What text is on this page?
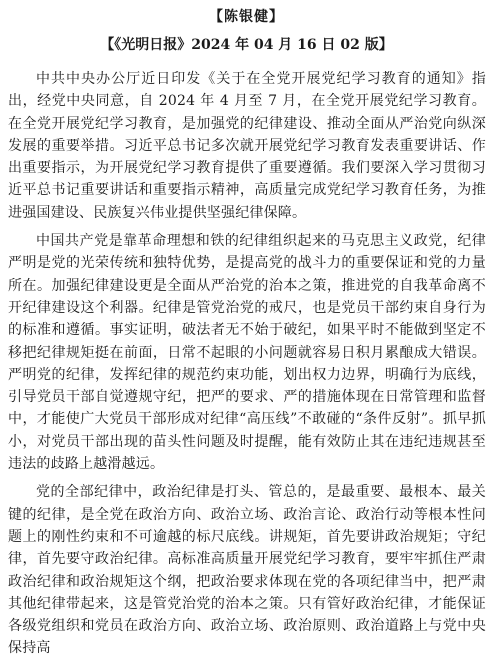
【陈银健】
【《光明日报》2024 年 04 月 16 日 02 版】

中共中央办公厅近日印发《关于在全党开展党纪学习教育的通知》指出，经党中央同意，自 2024 年 4 月至 7 月，在全党开展党纪学习教育。在全党开展党纪学习教育，是加强党的纪律建设、推动全面从严治党向纵深发展的重要举措。习近平总书记多次就开展党纪学习教育发表重要讲话、作出重要指示，为开展党纪学习教育提供了重要遵循。我们要深入学习贯彻习近平总书记重要讲话和重要指示精神，高质量完成党纪学习教育任务，为推进强国建设、民族复兴伟业提供坚强纪律保障。

中国共产党是靠革命理想和铁的纪律组织起来的马克思主义政党，纪律严明是党的光荣传统和独特优势，是提高党的战斗力的重要保证和党的力量所在。加强纪律建设更是全面从严治党的治本之策，推进党的自我革命离不开纪律建设这个利器。纪律是管党治党的戒尺，也是党员干部约束自身行为的标准和遵循。事实证明，破法者无不始于破纪，如果平时不能做到坚定不移把纪律规矩挺在前面，日常不起眼的小问题就容易日积月累酿成大错误。严明党的纪律，发挥纪律的规范约束功能，划出权力边界，明确行为底线，引导党员干部自觉遵规守纪，把严的要求、严的措施体现在日常管理和监督中，才能使广大党员干部形成对纪律“高压线”不敢碰的“条件反射”。抓早抓小，对党员干部出现的苗头性问题及时提醒，能有效防止其在违纪违规甚至违法的歧路上越滑越远。

党的全部纪律中，政治纪律是打头、管总的，是最重要、最根本、最关键的纪律，是全党在政治方向、政治立场、政治言论、政治行动等根本性问题上的刚性约束和不可逾越的标尺底线。讲规矩，首先要讲政治规矩；守纪律，首先要守政治纪律。高标准高质量开展党纪学习教育，要牢牢抓住严肃政治纪律和政治规矩这个纲，把政治要求体现在党的各项纪律当中，把严肃其他纪律带起来，这是管党治党的治本之策。只有管好政治纪律，才能保证各级党组织和党员在政治方向、政治立场、政治原则、政治道路上与党中央保持高
